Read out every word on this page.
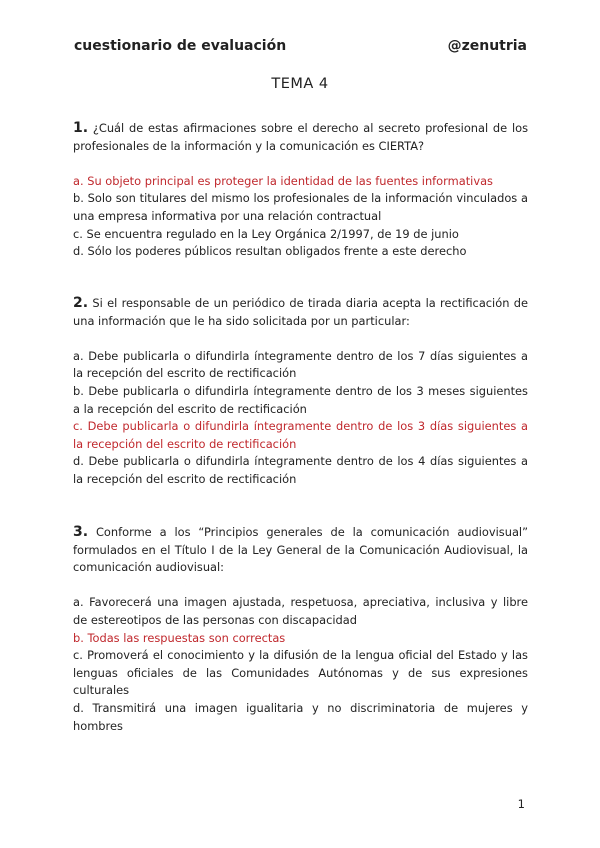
cuestionario de evaluación	@zenutria
TEMA 4

1. ¿Cuál de estas afirmaciones sobre el derecho al secreto profesional de los profesionales de la información y la comunicación es CIERTA?

a. Su objeto principal es proteger la identidad de las fuentes informativas

b. Solo son titulares del mismo los profesionales de la información vinculados a una empresa informativa por una relación contractual

c. Se encuentra regulado en la Ley Orgánica 2/1997, de 19 de junio

d. Sólo los poderes públicos resultan obligados frente a este derecho

2. Si el responsable de un periódico de tirada diaria acepta la rectificación de una información que le ha sido solicitada por un particular:

a. Debe publicarla o difundirla íntegramente dentro de los 7 días siguientes a la recepción del escrito de rectificación

b. Debe publicarla o difundirla íntegramente dentro de los 3 meses siguientes a la recepción del escrito de rectificación

c. Debe publicarla o difundirla íntegramente dentro de los 3 días siguientes a la recepción del escrito de rectificación

d. Debe publicarla o difundirla íntegramente dentro de los 4 días siguientes a la recepción del escrito de rectificación

3. Conforme a los “Principios generales de la comunicación audiovisual” formulados en el Título I de la Ley General de la Comunicación Audiovisual, la comunicación audiovisual:

a. Favorecerá una imagen ajustada, respetuosa, apreciativa, inclusiva y libre de estereotipos de las personas con discapacidad

b. Todas las respuestas son correctas

c. Promoverá el conocimiento y la difusión de la lengua oficial del Estado y las lenguas oficiales de las Comunidades Autónomas y de sus expresiones culturales

d. Transmitirá una imagen igualitaria y no discriminatoria de mujeres y hombres

1
